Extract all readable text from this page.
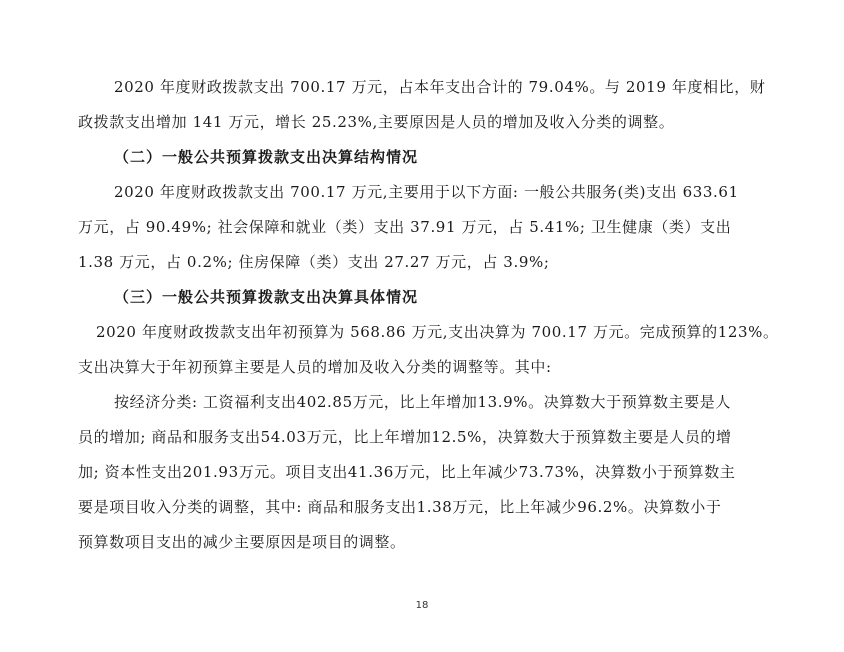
2020 年度财政拨款支出 700.17 万元，占本年支出合计的 79.04%。与 2019 年度相比，财
政拨款支出增加 141 万元，增长 25.23%,主要原因是人员的增加及收入分类的调整。
（二）一般公共预算拨款支出决算结构情况
2020 年度财政拨款支出 700.17 万元,主要用于以下方面: 一般公共服务(类)支出 633.61
万元，占 90.49%; 社会保障和就业（类）支出 37.91 万元，占 5.41%; 卫生健康（类）支出
1.38 万元，占 0.2%; 住房保障（类）支出 27.27 万元，占 3.9%;
（三）一般公共预算拨款支出决算具体情况
2020 年度财政拨款支出年初预算为 568.86 万元,支出决算为 700.17 万元。完成预算的123%。
支出决算大于年初预算主要是人员的增加及收入分类的调整等。其中:
按经济分类: 工资福利支出402.85万元，比上年增加13.9%。决算数大于预算数主要是人
员的增加; 商品和服务支出54.03万元，比上年增加12.5%，决算数大于预算数主要是人员的增
加; 资本性支出201.93万元。项目支出41.36万元，比上年减少73.73%，决算数小于预算数主
要是项目收入分类的调整，其中: 商品和服务支出1.38万元，比上年减少96.2%。决算数小于
预算数项目支出的减少主要原因是项目的调整。
18
